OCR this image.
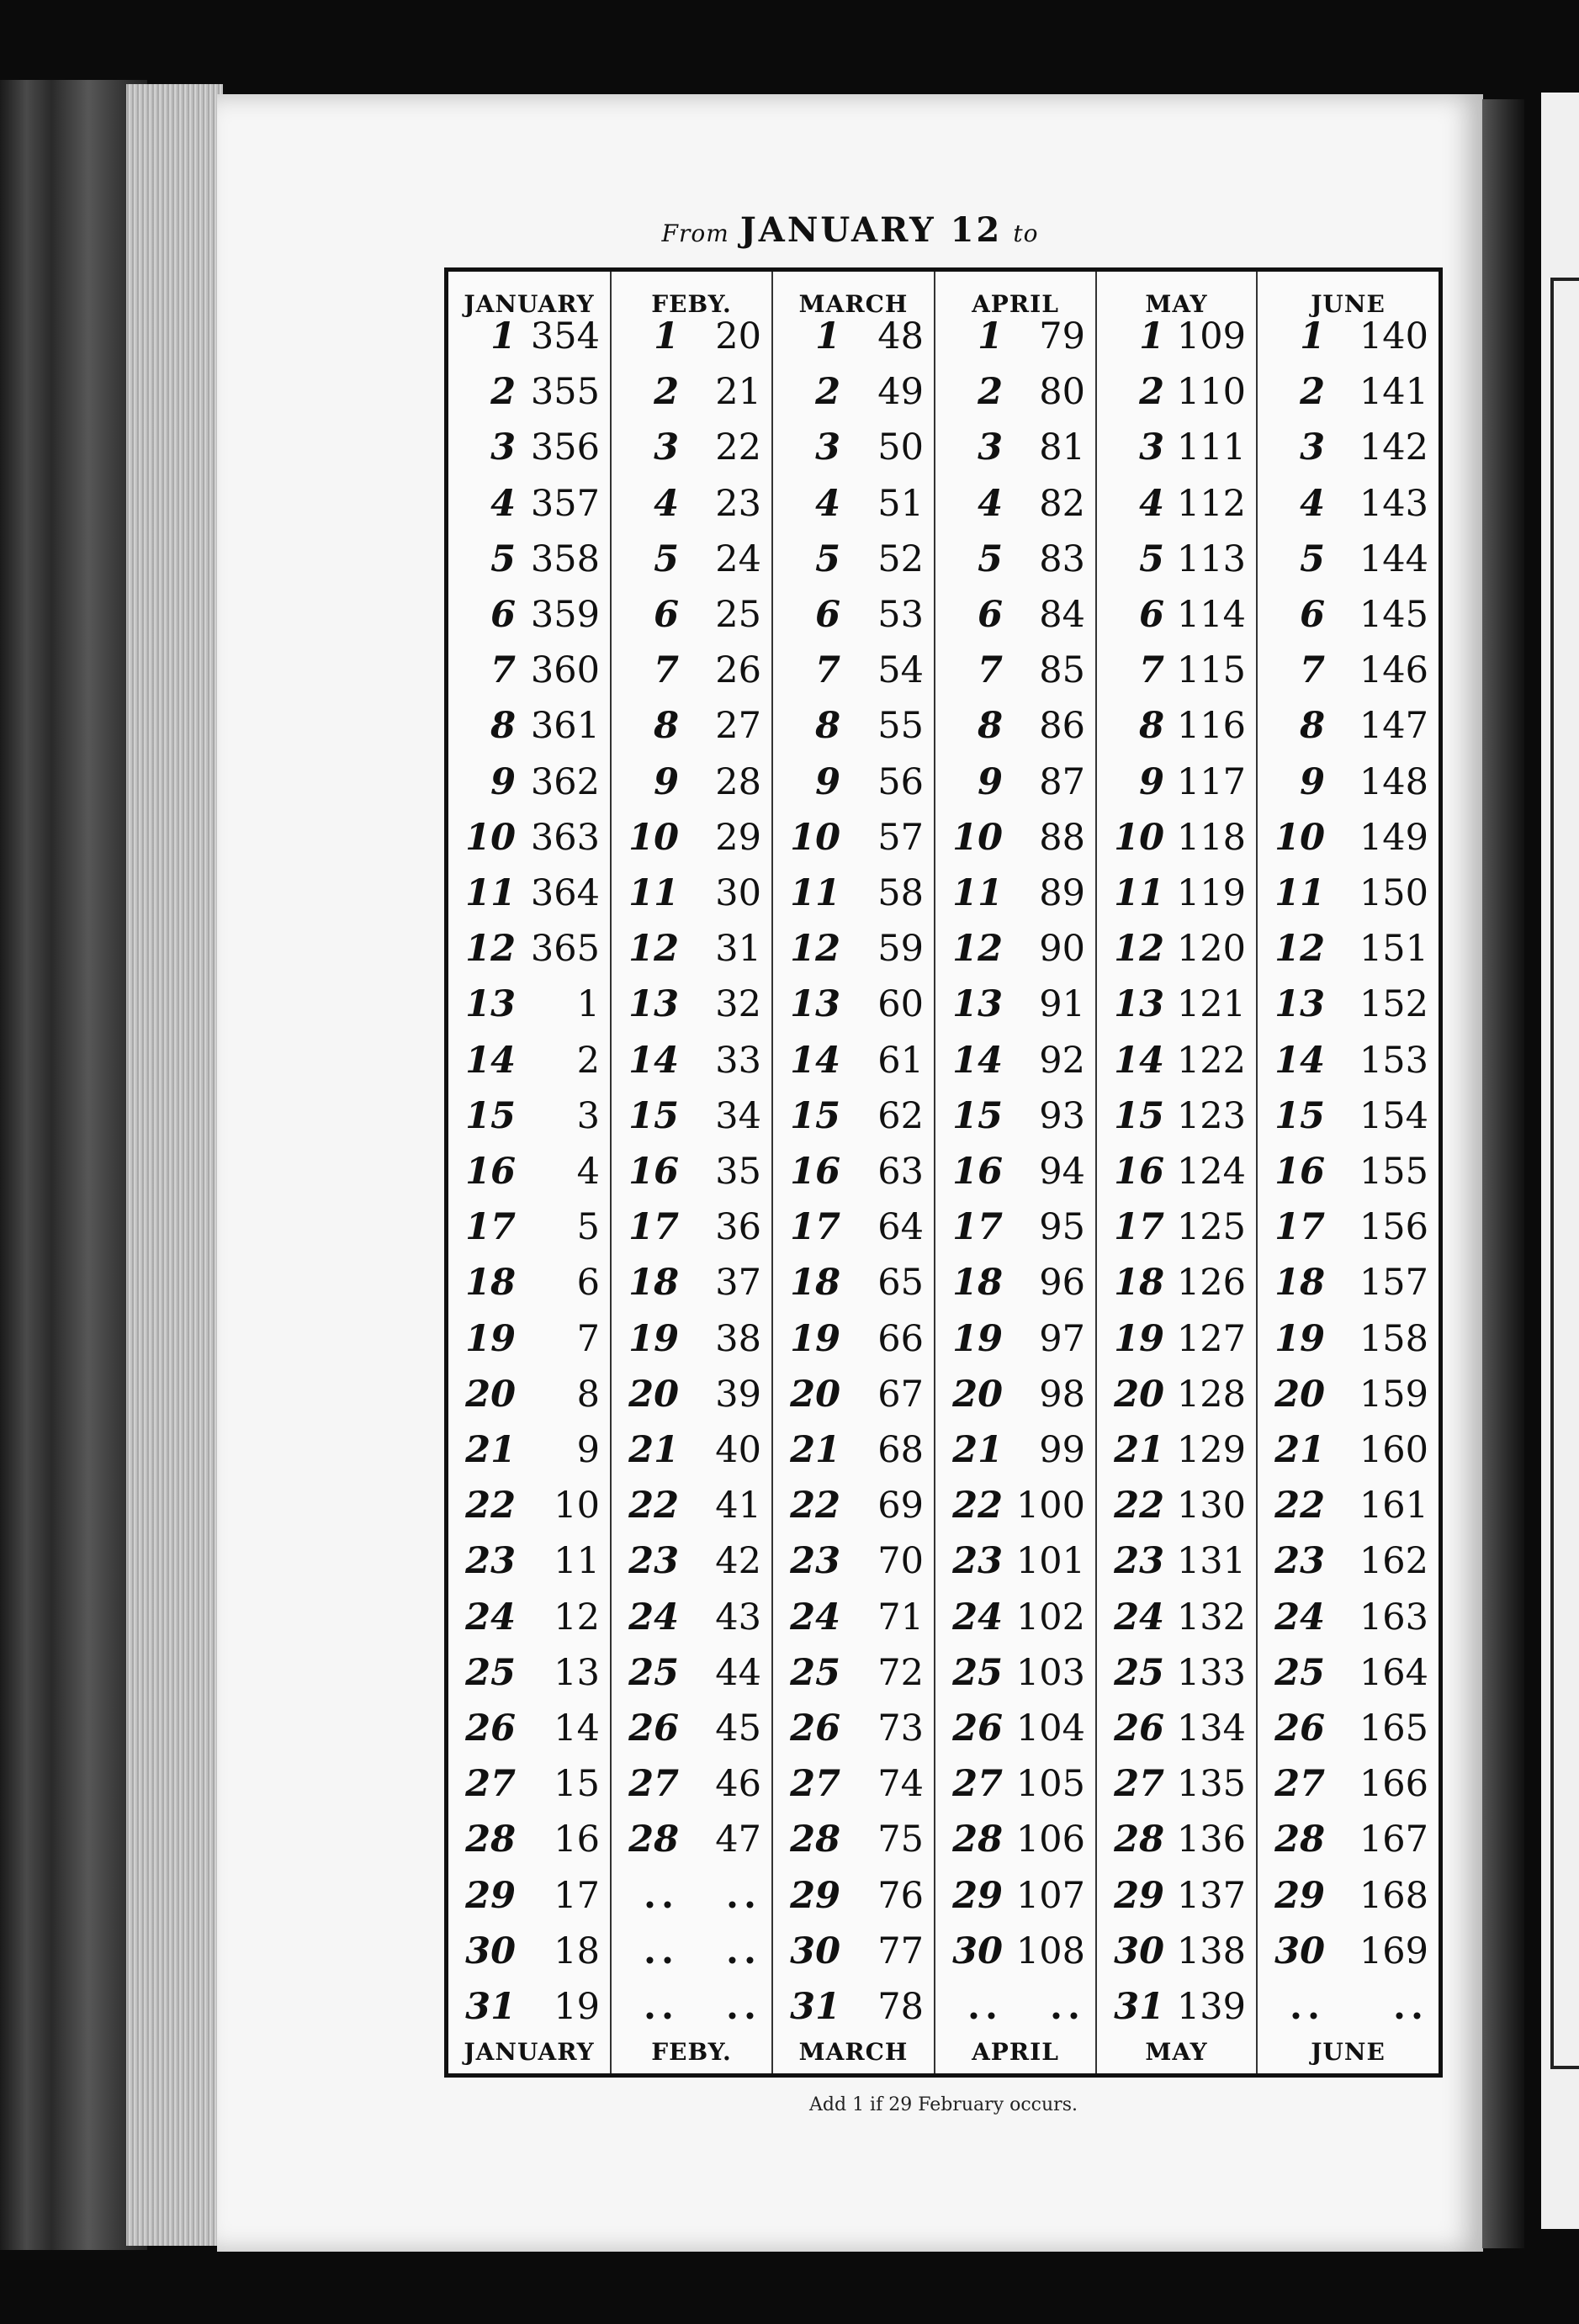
From JANUARY 12 to
JANUARY
1 354
2 355
3 356
4 357
5 358
6 359
7 360
8 361
9 362
10 363
11 364
12 365
13 1
14 2
15 3
16 4
17 5
18 6
19 7
20 8
21 9
22 10
23 11
24 12
25 13
26 14
27 15
28 16
29 17
30 18
31 19
JANUARY
FEBY.
1 20
2 21
3 22
4 23
5 24
6 25
7 26
8 27
9 28
10 29
11 30
12 31
13 32
14 33
15 34
16 35
17 36
18 37
19 38
20 39
21 40
22 41
23 42
24 43
25 44
26 45
27 46
28 47
.. ..
.. ..
.. ..
FEBY.
MARCH
1 48
2 49
3 50
4 51
5 52
6 53
7 54
8 55
9 56
10 57
11 58
12 59
13 60
14 61
15 62
16 63
17 64
18 65
19 66
20 67
21 68
22 69
23 70
24 71
25 72
26 73
27 74
28 75
29 76
30 77
31 78
MARCH
APRIL
1 79
2 80
3 81
4 82
5 83
6 84
7 85
8 86
9 87
10 88
11 89
12 90
13 91
14 92
15 93
16 94
17 95
18 96
19 97
20 98
21 99
22 100
23 101
24 102
25 103
26 104
27 105
28 106
29 107
30 108
.. ..
APRIL
MAY
1 109
2 110
3 111
4 112
5 113
6 114
7 115
8 116
9 117
10 118
11 119
12 120
13 121
14 122
15 123
16 124
17 125
18 126
19 127
20 128
21 129
22 130
23 131
24 132
25 133
26 134
27 135
28 136
29 137
30 138
31 139
MAY
JUNE
1 140
2 141
3 142
4 143
5 144
6 145
7 146
8 147
9 148
10 149
11 150
12 151
13 152
14 153
15 154
16 155
17 156
18 157
19 158
20 159
21 160
22 161
23 162
24 163
25 164
26 165
27 166
28 167
29 168
30 169
.. ..
JUNE
Add 1 if 29 February occurs.
